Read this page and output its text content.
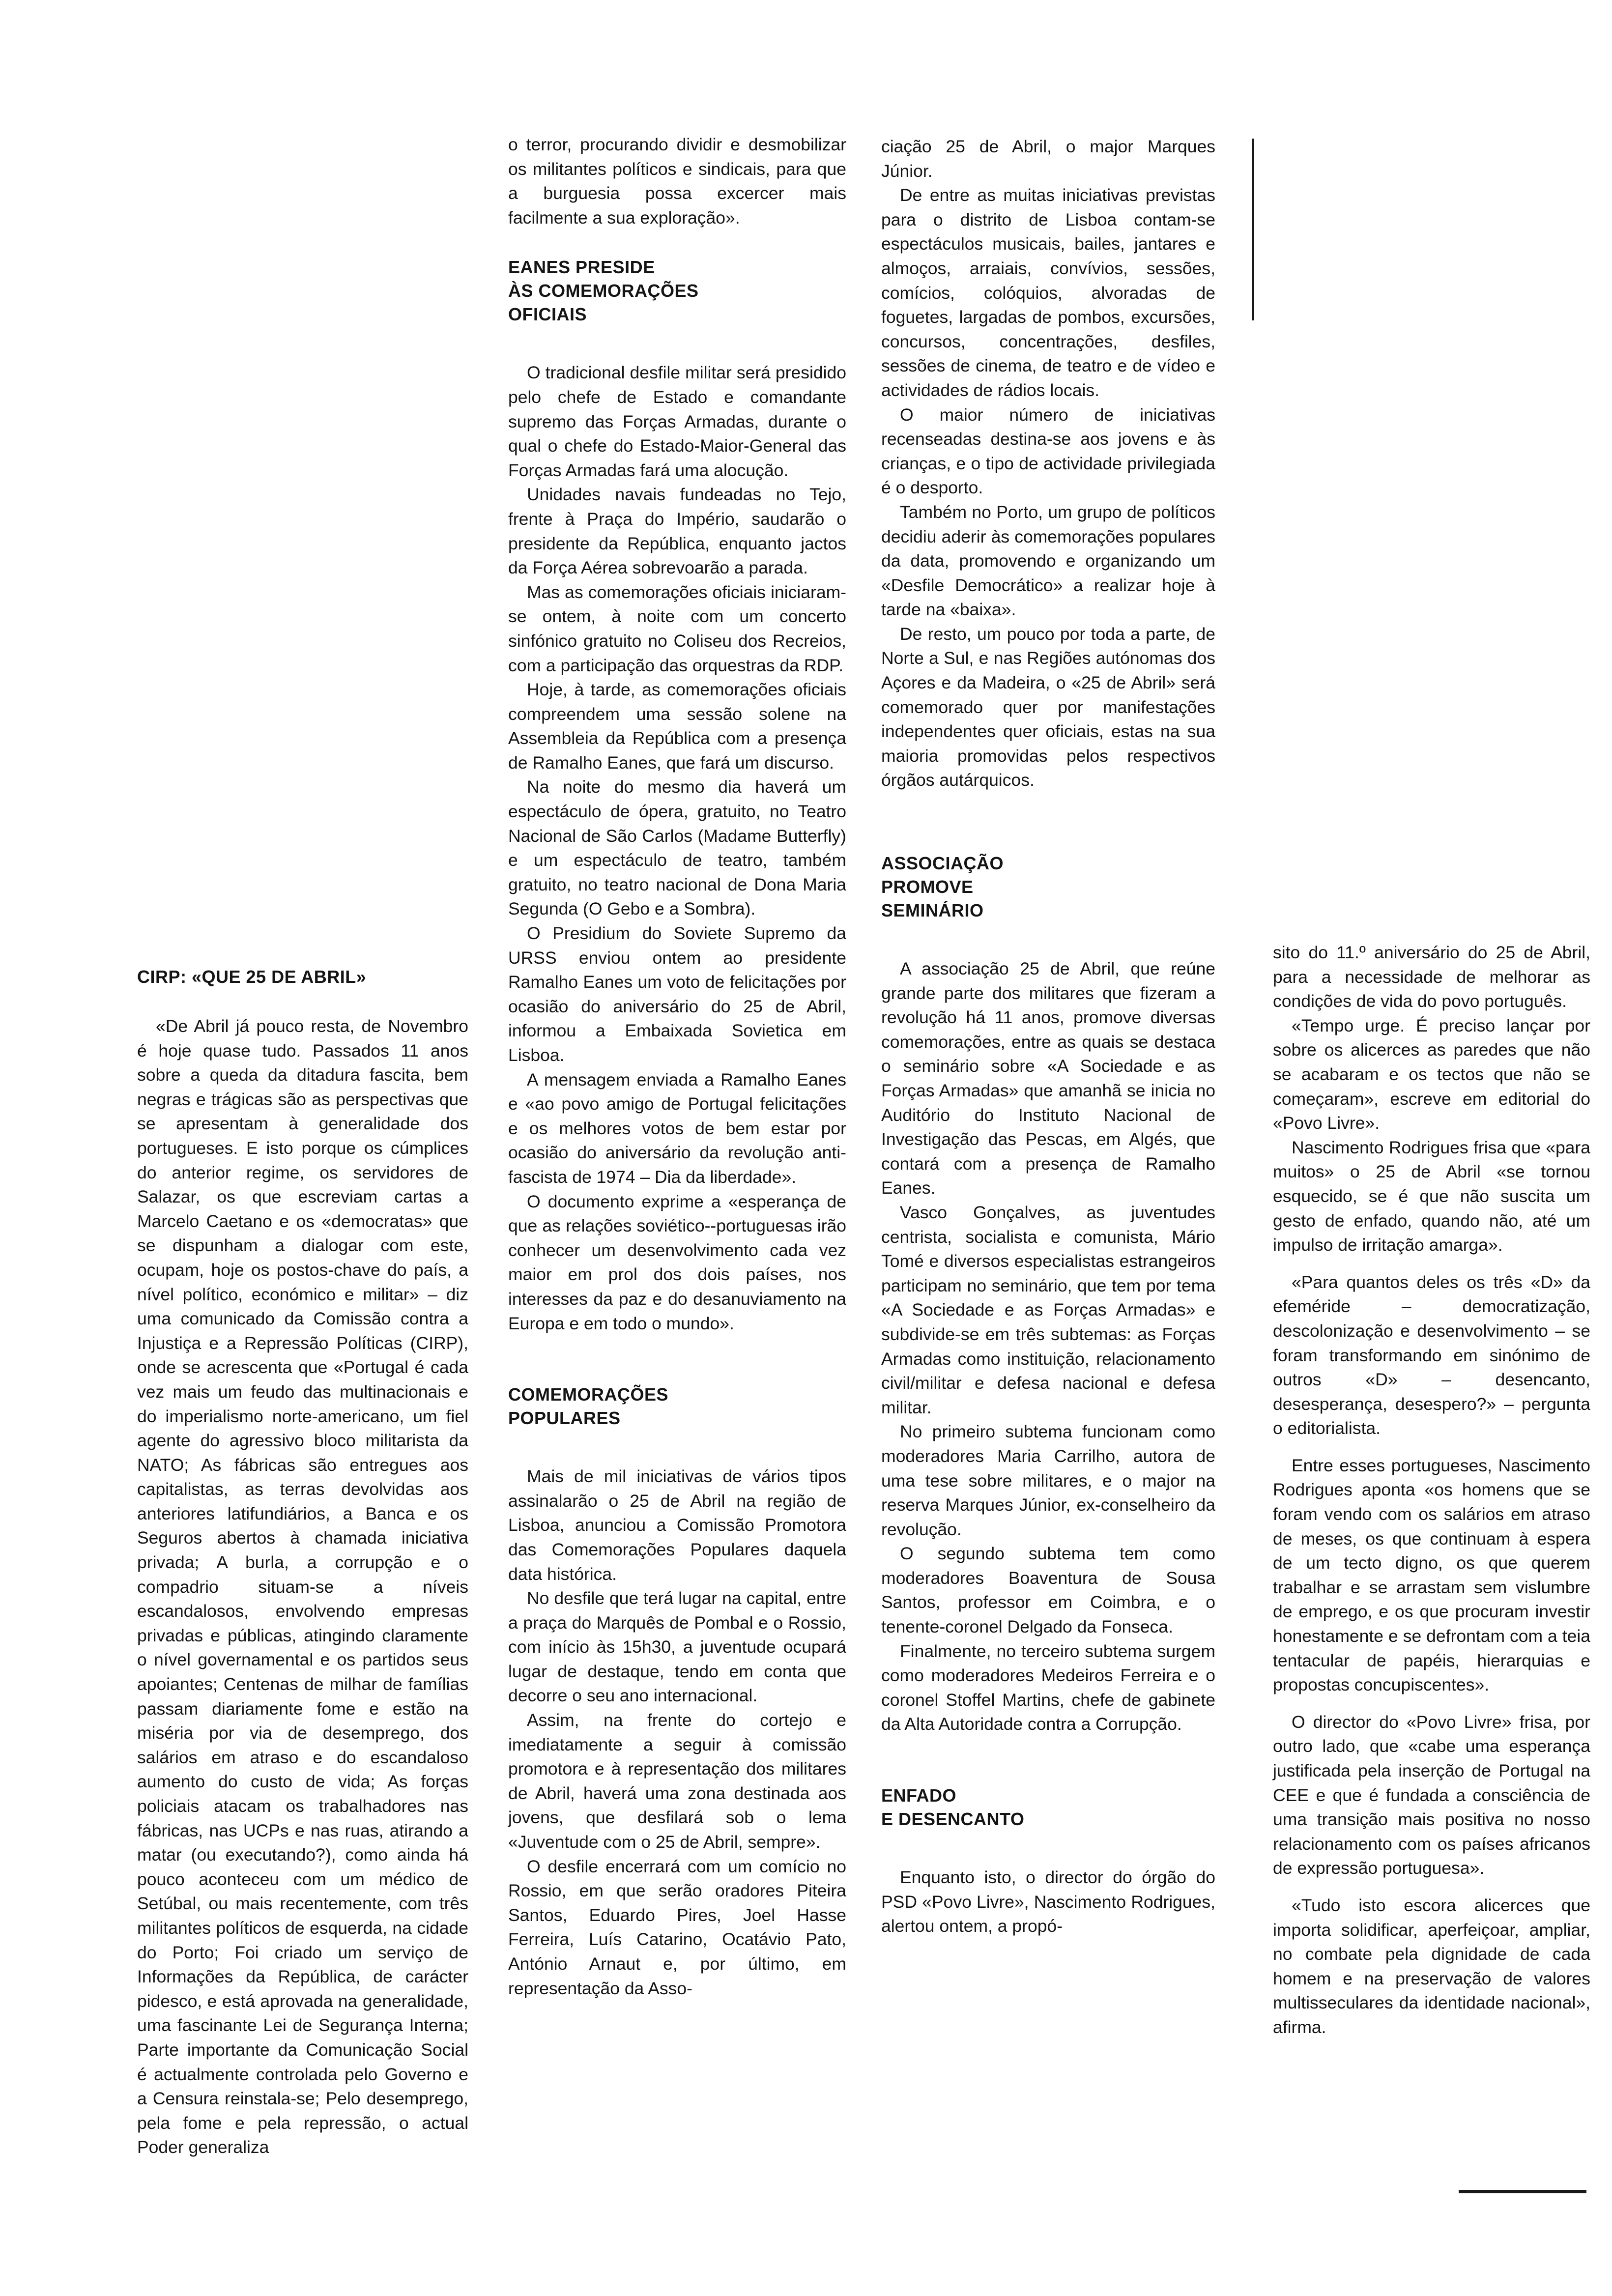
CIRP: «QUE 25 DE ABRIL»

«De Abril já pouco resta, de Novembro é hoje quase tudo. Passados 11 anos sobre a queda da ditadura fascita, bem negras e trágicas são as perspectivas que se apresentam à generalidade dos portugueses. E isto porque os cúmplices do anterior regime, os servidores de Salazar, os que escreviam cartas a Marcelo Caetano e os «democratas» que se dispunham a dialogar com este, ocupam, hoje os postos-chave do país, a nível político, económico e militar» – diz uma comunicado da Comissão contra a Injustiça e a Repressão Políticas (CIRP), onde se acrescenta que «Portugal é cada vez mais um feudo das multinacionais e do imperialismo norte-americano, um fiel agente do agressivo bloco militarista da NATO; As fábricas são entregues aos capitalistas, as terras devolvidas aos anteriores latifundiários, a Banca e os Seguros abertos à chamada iniciativa privada; A burla, a corrupção e o compadrio situam-se a níveis escandalosos, envolvendo empresas privadas e públicas, atingindo claramente o nível governamental e os partidos seus apoiantes; Centenas de milhar de famílias passam diariamente fome e estão na miséria por via de desemprego, dos salários em atraso e do escandaloso aumento do custo de vida; As forças policiais atacam os trabalhadores nas fábricas, nas UCPs e nas ruas, atirando a matar (ou executando?), como ainda há pouco aconteceu com um médico de Setúbal, ou mais recentemente, com três militantes políticos de esquerda, na cidade do Porto; Foi criado um serviço de Informações da República, de carácter pidesco, e está aprovada na generalidade, uma fascinante Lei de Segurança Interna; Parte importante da Comunicação Social é actualmente controlada pelo Governo e a Censura reinstala-se; Pelo desemprego, pela fome e pela repressão, o actual Poder generaliza

o terror, procurando dividir e desmobilizar os militantes políticos e sindicais, para que a burguesia possa excercer mais facilmente a sua exploração».

EANES PRESIDE
ÀS COMEMORAÇÕES
OFICIAIS

O tradicional desfile militar será presidido pelo chefe de Estado e comandante supremo das Forças Armadas, durante o qual o chefe do Estado-Maior-General das Forças Armadas fará uma alocução.

Unidades navais fundeadas no Tejo, frente à Praça do Império, saudarão o presidente da República, enquanto jactos da Força Aérea sobrevoarão a parada.

Mas as comemorações oficiais iniciaram-se ontem, à noite com um concerto sinfónico gratuito no Coliseu dos Recreios, com a participação das orquestras da RDP.

Hoje, à tarde, as comemorações oficiais compreendem uma sessão solene na Assembleia da República com a presença de Ramalho Eanes, que fará um discurso.

Na noite do mesmo dia haverá um espectáculo de ópera, gratuito, no Teatro Nacional de São Carlos (Madame Butterfly) e um espectáculo de teatro, também gratuito, no teatro nacional de Dona Maria Segunda (O Gebo e a Sombra).

O Presidium do Soviete Supremo da URSS enviou ontem ao presidente Ramalho Eanes um voto de felicitações por ocasião do aniversário do 25 de Abril, informou a Embaixada Sovietica em Lisboa.

A mensagem enviada a Ramalho Eanes e «ao povo amigo de Portugal felicitações e os melhores votos de bem estar por ocasião do aniversário da revolução anti-fascista de 1974 – Dia da liberdade».

O documento exprime a «esperança de que as relações soviético--portuguesas irão conhecer um desenvolvimento cada vez maior em prol dos dois países, nos interesses da paz e do desanuviamento na Europa e em todo o mundo».

COMEMORAÇÕES
POPULARES

Mais de mil iniciativas de vários tipos assinalarão o 25 de Abril na região de Lisboa, anunciou a Comissão Promotora das Comemorações Populares daquela data histórica.

No desfile que terá lugar na capital, entre a praça do Marquês de Pombal e o Rossio, com início às 15h30, a juventude ocupará lugar de destaque, tendo em conta que decorre o seu ano internacional.

Assim, na frente do cortejo e imediatamente a seguir à comissão promotora e à representação dos militares de Abril, haverá uma zona destinada aos jovens, que desfilará sob o lema «Juventude com o 25 de Abril, sempre».

O desfile encerrará com um comício no Rossio, em que serão oradores Piteira Santos, Eduardo Pires, Joel Hasse Ferreira, Luís Catarino, Ocatávio Pato, António Arnaut e, por último, em representação da Asso-

ciação 25 de Abril, o major Marques Júnior.

De entre as muitas iniciativas previstas para o distrito de Lisboa contam-se espectáculos musicais, bailes, jantares e almoços, arraiais, convívios, sessões, comícios, colóquios, alvoradas de foguetes, largadas de pombos, excursões, concursos, concentrações, desfiles, sessões de cinema, de teatro e de vídeo e actividades de rádios locais.

O maior número de iniciativas recenseadas destina-se aos jovens e às crianças, e o tipo de actividade privilegiada é o desporto.

Também no Porto, um grupo de políticos decidiu aderir às comemorações populares da data, promovendo e organizando um «Desfile Democrático» a realizar hoje à tarde na «baixa».

De resto, um pouco por toda a parte, de Norte a Sul, e nas Regiões autónomas dos Açores e da Madeira, o «25 de Abril» será comemorado quer por manifestações independentes quer oficiais, estas na sua maioria promovidas pelos respectivos órgãos autárquicos.

ASSOCIAÇÃO
PROMOVE
SEMINÁRIO

A associação 25 de Abril, que reúne grande parte dos militares que fizeram a revolução há 11 anos, promove diversas comemorações, entre as quais se destaca o seminário sobre «A Sociedade e as Forças Armadas» que amanhã se inicia no Auditório do Instituto Nacional de Investigação das Pescas, em Algés, que contará com a presença de Ramalho Eanes.

Vasco Gonçalves, as juventudes centrista, socialista e comunista, Mário Tomé e diversos especialistas estrangeiros participam no seminário, que tem por tema «A Sociedade e as Forças Armadas» e subdivide-se em três subtemas: as Forças Armadas como instituição, relacionamento civil/militar e defesa nacional e defesa militar.

No primeiro subtema funcionam como moderadores Maria Carrilho, autora de uma tese sobre militares, e o major na reserva Marques Júnior, ex-conselheiro da revolução.

O segundo subtema tem como moderadores Boaventura de Sousa Santos, professor em Coimbra, e o tenente-coronel Delgado da Fonseca.

Finalmente, no terceiro subtema surgem como moderadores Medeiros Ferreira e o coronel Stoffel Martins, chefe de gabinete da Alta Autoridade contra a Corrupção.

ENFADO
E DESENCANTO

Enquanto isto, o director do órgão do PSD «Povo Livre», Nascimento Rodrigues, alertou ontem, a propó-

sito do 11.º aniversário do 25 de Abril, para a necessidade de melhorar as condições de vida do povo português.

«Tempo urge. É preciso lançar por sobre os alicerces as paredes que não se acabaram e os tectos que não se começaram», escreve em editorial do «Povo Livre».

Nascimento Rodrigues frisa que «para muitos» o 25 de Abril «se tornou esquecido, se é que não suscita um gesto de enfado, quando não, até um impulso de irritação amarga».

«Para quantos deles os três «D» da efeméride – democratização, descolonização e desenvolvimento – se foram transformando em sinónimo de outros «D» – desencanto, desesperança, desespero?» – pergunta o editorialista.

Entre esses portugueses, Nascimento Rodrigues aponta «os homens que se foram vendo com os salários em atraso de meses, os que continuam à espera de um tecto digno, os que querem trabalhar e se arrastam sem vislumbre de emprego, e os que procuram investir honestamente e se defrontam com a teia tentacular de papéis, hierarquias e propostas concupiscentes».

O director do «Povo Livre» frisa, por outro lado, que «cabe uma esperança justificada pela inserção de Portugal na CEE e que é fundada a consciência de uma transição mais positiva no nosso relacionamento com os países africanos de expressão portuguesa».

«Tudo isto escora alicerces que importa solidificar, aperfeiçoar, ampliar, no combate pela dignidade de cada homem e na preservação de valores multisseculares da identidade nacional», afirma.
